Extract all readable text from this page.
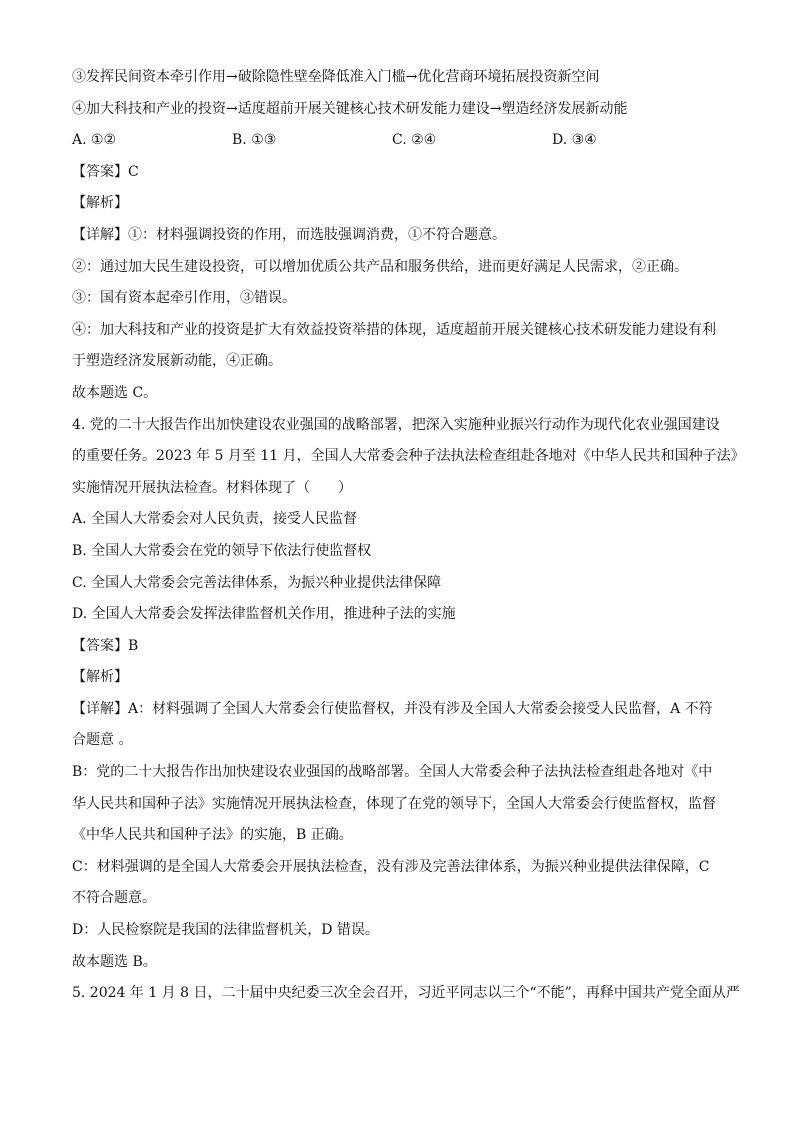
③发挥民间资本牵引作用→破除隐性壁垒降低准入门槛→优化营商环境拓展投资新空间
④加大科技和产业的投资→适度超前开展关键核心技术研发能力建设→塑造经济发展新动能
A. ①②	B. ①③	C. ②④	D. ③④
【答案】C
【解析】
【详解】①：材料强调投资的作用，而选肢强调消费，①不符合题意。
②：通过加大民生建设投资，可以增加优质公共产品和服务供给，进而更好满足人民需求，②正确。
③：国有资本起牵引作用，③错误。
④：加大科技和产业的投资是扩大有效益投资举措的体现，适度超前开展关键核心技术研发能力建设有利
于塑造经济发展新动能，④正确。
故本题选 C。
4. 党的二十大报告作出加快建设农业强国的战略部署，把深入实施种业振兴行动作为现代化农业强国建设
的重要任务。2023 年 5 月至 11 月，全国人大常委会种子法执法检查组赴各地对《中华人民共和国种子法》
实施情况开展执法检查。材料体现了（　　）
A. 全国人大常委会对人民负责，接受人民监督
B. 全国人大常委会在党的领导下依法行使监督权
C. 全国人大常委会完善法律体系，为振兴种业提供法律保障
D. 全国人大常委会发挥法律监督机关作用，推进种子法的实施
【答案】B
【解析】
【详解】A：材料强调了全国人大常委会行使监督权，并没有涉及全国人大常委会接受人民监督，A 不符
合题意 。
B：党的二十大报告作出加快建设农业强国的战略部署。全国人大常委会种子法执法检查组赴各地对《中
华人民共和国种子法》实施情况开展执法检查，体现了在党的领导下，全国人大常委会行使监督权，监督
《中华人民共和国种子法》的实施，B 正确。
C：材料强调的是全国人大常委会开展执法检查，没有涉及完善法律体系，为振兴种业提供法律保障，C
不符合题意。
D：人民检察院是我国的法律监督机关，D 错误。
故本题选 B。
5. 2024 年 1 月 8 日，二十届中央纪委三次全会召开，习近平同志以三个“不能”，再释中国共产党全面从严
